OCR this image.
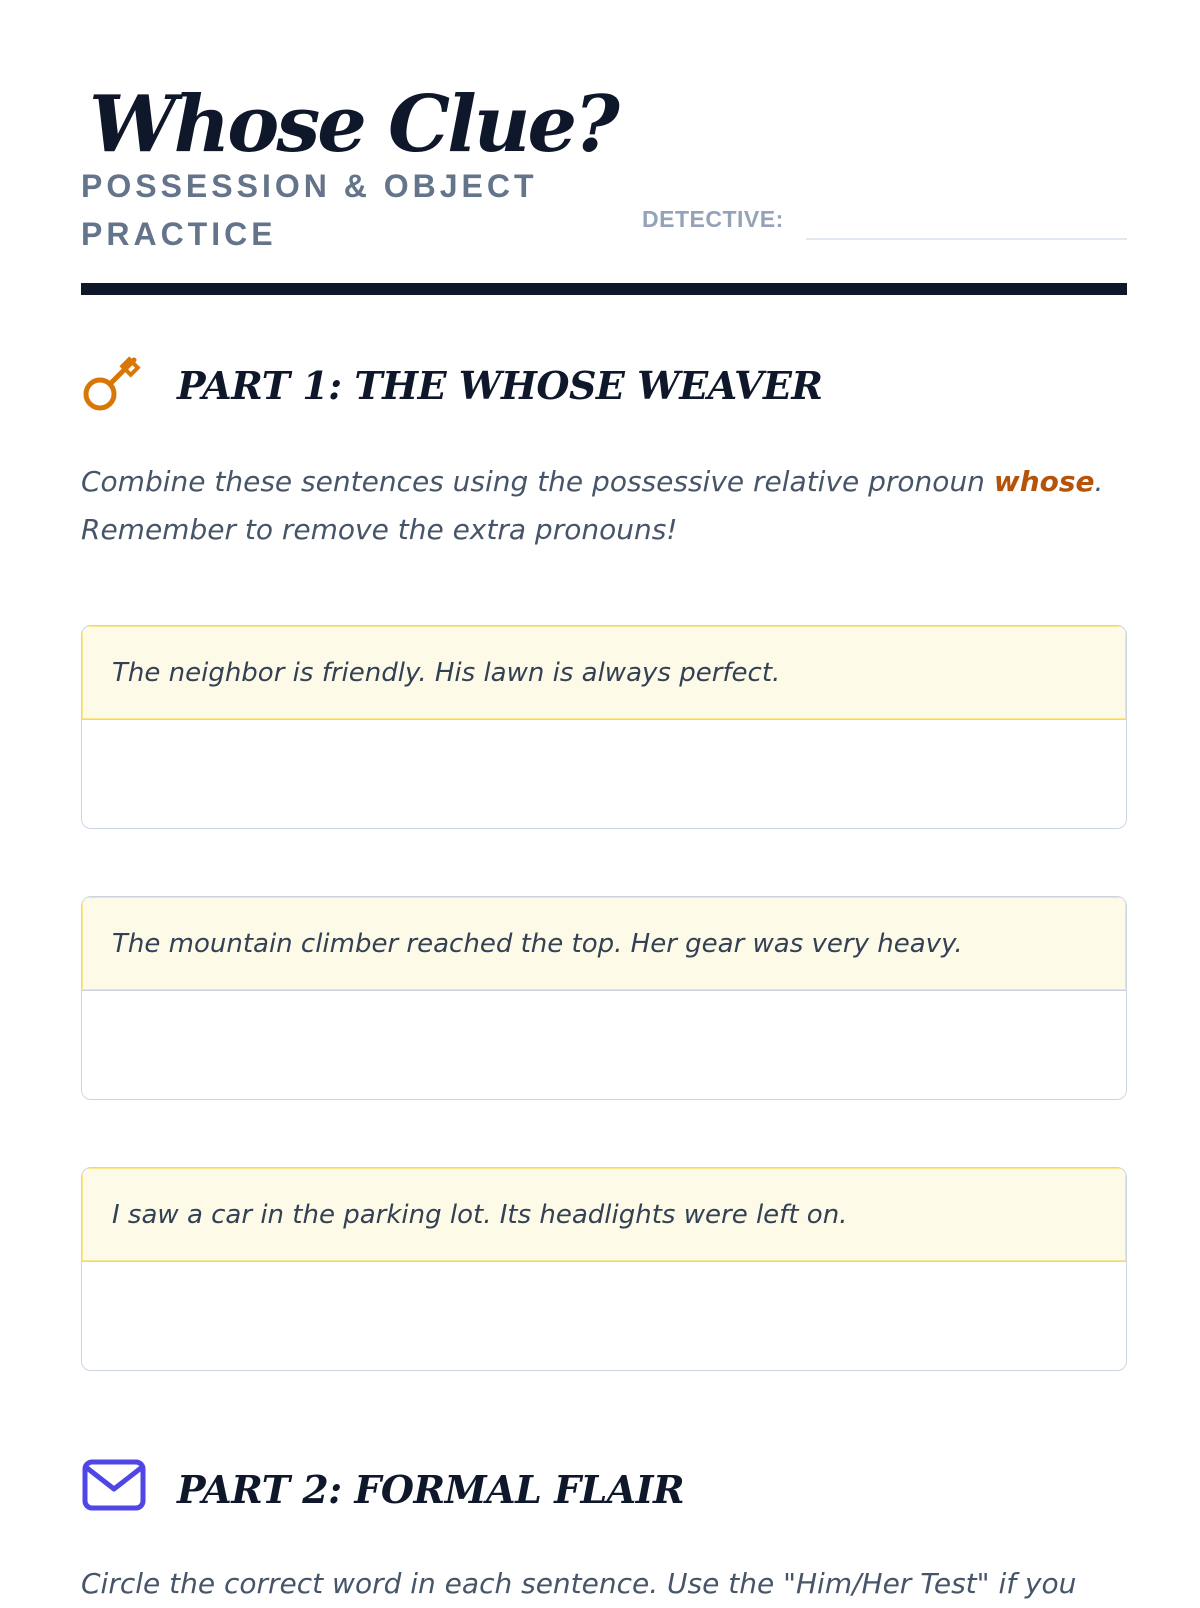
Whose Clue?
POSSESSION & OBJECT PRACTICE	DETECTIVE:
PART 1: THE WHOSE WEAVER

Combine these sentences using the possessive relative pronoun whose. Remember to remove the extra pronouns!

The neighbor is friendly. His lawn is always perfect.
The mountain climber reached the top. Her gear was very heavy.
I saw a car in the parking lot. Its headlights were left on.
PART 2: FORMAL FLAIR

Circle the correct word in each sentence. Use the "Him/Her Test" if you
